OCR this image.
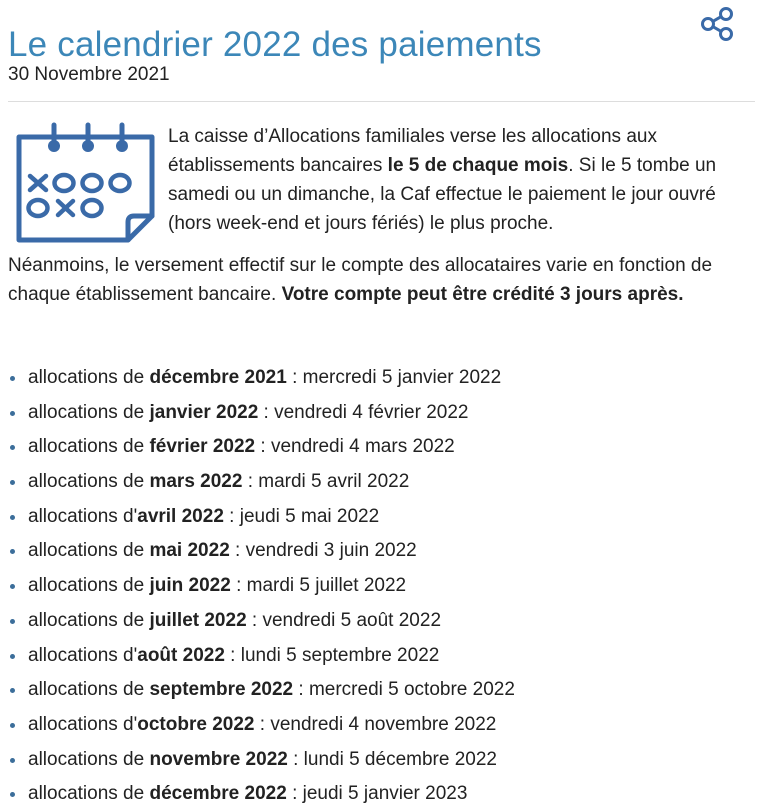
Le calendrier 2022 des paiements
30 Novembre 2021

La caisse d’Allocations familiales verse les allocations aux établissements bancaires le 5 de chaque mois. Si le 5 tombe un samedi ou un dimanche, la Caf effectue le paiement le jour ouvré (hors week-end et jours fériés) le plus proche.

Néanmoins, le versement effectif sur le compte des allocataires varie en fonction de chaque établissement bancaire. Votre compte peut être crédité 3 jours après.

allocations de décembre 2021 : mercredi 5 janvier 2022
allocations de janvier 2022 : vendredi 4 février 2022
allocations de février 2022 : vendredi 4 mars 2022
allocations de mars 2022 : mardi 5 avril 2022
allocations d'avril 2022 : jeudi 5 mai 2022
allocations de mai 2022 : vendredi 3 juin 2022
allocations de juin 2022 : mardi 5 juillet 2022
allocations de juillet 2022 : vendredi 5 août 2022
allocations d'août 2022 : lundi 5 septembre 2022
allocations de septembre 2022 : mercredi 5 octobre 2022
allocations d'octobre 2022 : vendredi 4 novembre 2022
allocations de novembre 2022 : lundi 5 décembre 2022
allocations de décembre 2022 : jeudi 5 janvier 2023
